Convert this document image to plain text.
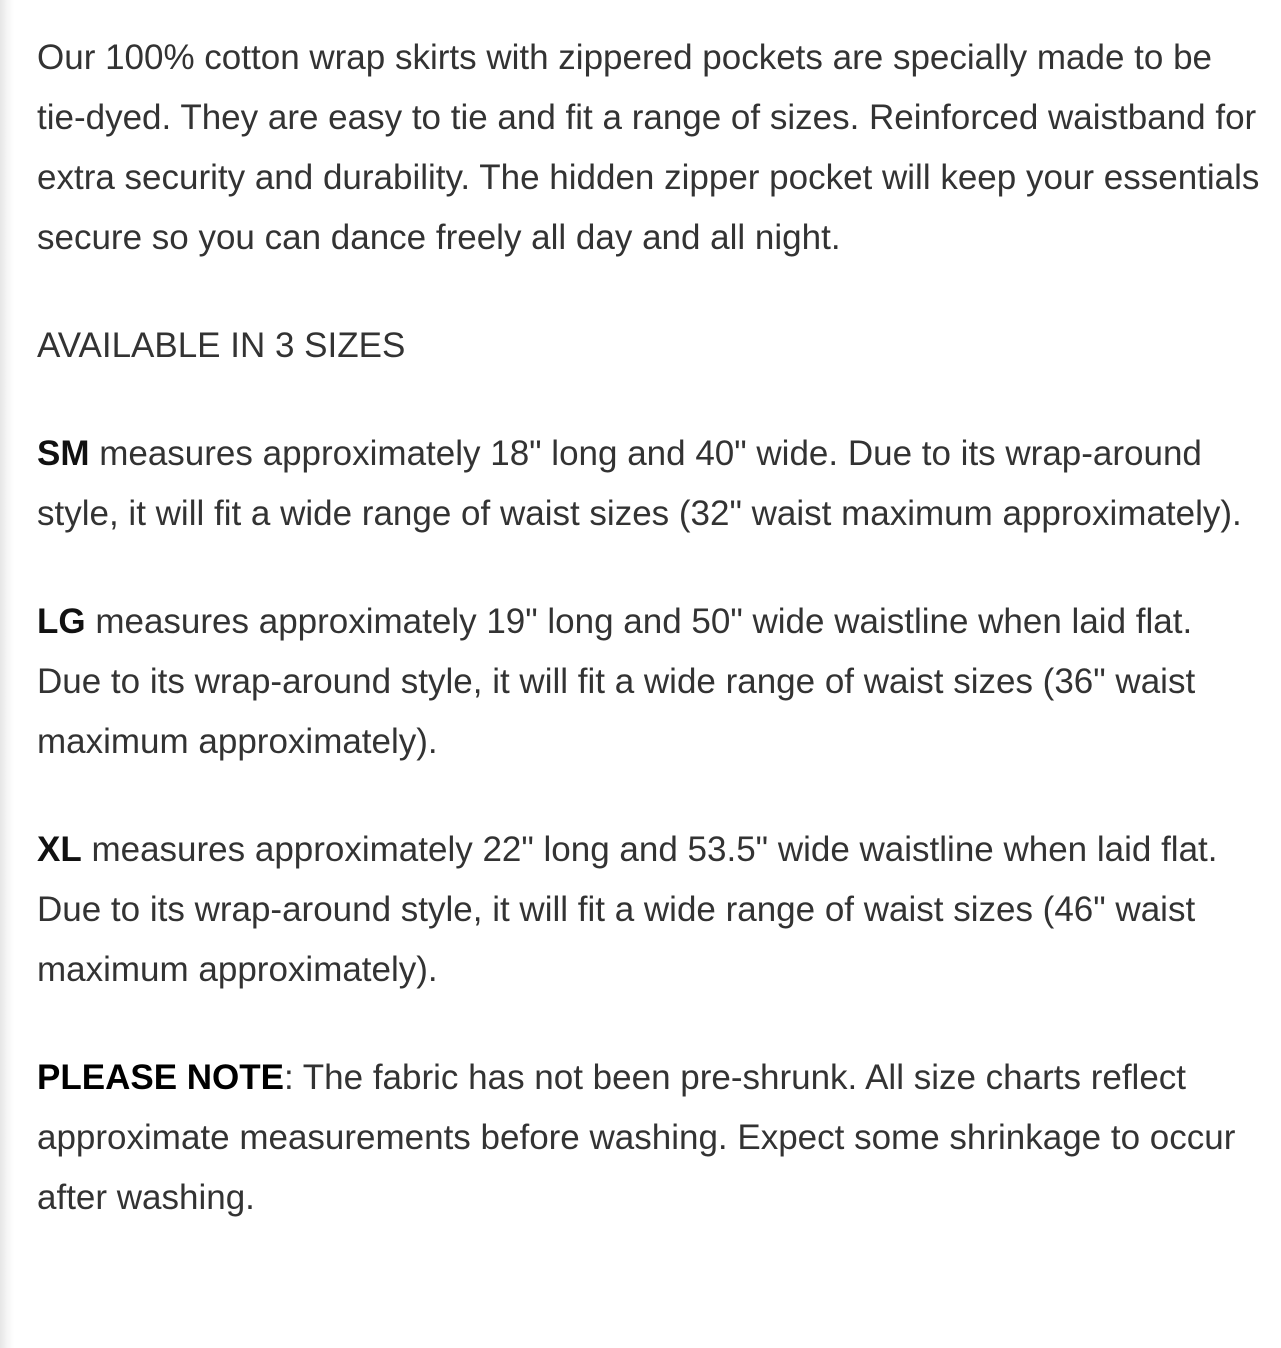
Our 100% cotton wrap skirts with zippered pockets are specially made to be tie-dyed. They are easy to tie and fit a range of sizes. Reinforced waistband for extra security and durability. The hidden zipper pocket will keep your essentials secure so you can dance freely all day and all night.

AVAILABLE IN 3 SIZES

SM measures approximately 18" long and 40" wide. Due to its wrap-around style, it will fit a wide range of waist sizes (32" waist maximum approximately).

LG measures approximately 19" long and 50" wide waistline when laid flat. Due to its wrap-around style, it will fit a wide range of waist sizes (36" waist maximum approximately).

XL measures approximately 22" long and 53.5" wide waistline when laid flat. Due to its wrap-around style, it will fit a wide range of waist sizes (46" waist maximum approximately).

PLEASE NOTE: The fabric has not been pre-shrunk. All size charts reflect approximate measurements before washing. Expect some shrinkage to occur after washing.
